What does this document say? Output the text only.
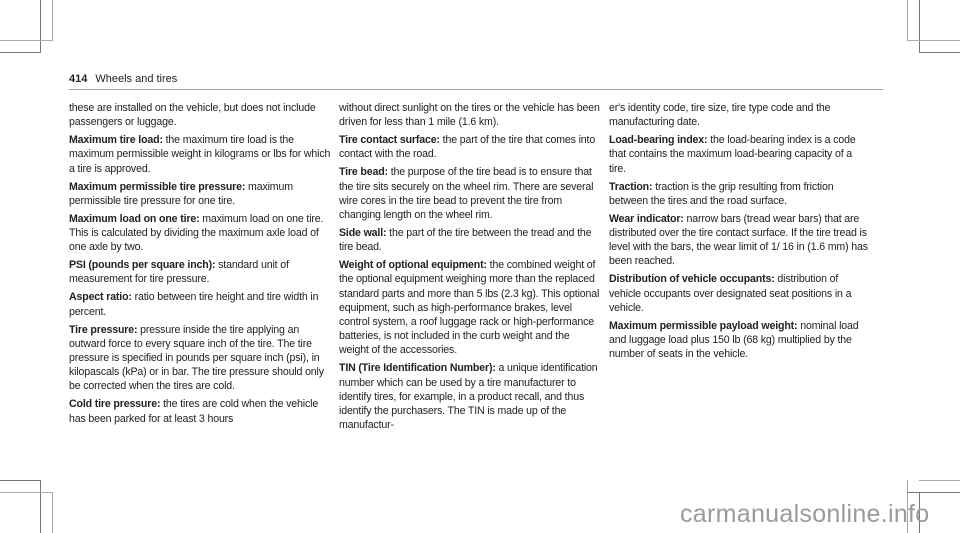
414 Wheels and tires

these are installed on the vehicle, but does not include passengers or luggage.

Maximum tire load: the maximum tire load is the maximum permissible weight in kilograms or lbs for which a tire is approved.

Maximum permissible tire pressure: maximum permissible tire pressure for one tire.

Maximum load on one tire: maximum load on one tire. This is calculated by dividing the maximum axle load of one axle by two.

PSI (pounds per square inch): standard unit of measurement for tire pressure.

Aspect ratio: ratio between tire height and tire width in percent.

Tire pressure: pressure inside the tire applying an outward force to every square inch of the tire. The tire pressure is specified in pounds per square inch (psi), in kilopascals (kPa) or in bar. The tire pressure should only be corrected when the tires are cold.

Cold tire pressure: the tires are cold when the vehicle has been parked for at least 3 hours

without direct sunlight on the tires or the vehicle has been driven for less than 1 mile (1.6 km).

Tire contact surface: the part of the tire that comes into contact with the road.

Tire bead: the purpose of the tire bead is to ensure that the tire sits securely on the wheel rim. There are several wire cores in the tire bead to prevent the tire from changing length on the wheel rim.

Side wall: the part of the tire between the tread and the tire bead.

Weight of optional equipment: the combined weight of the optional equipment weighing more than the replaced standard parts and more than 5 lbs (2.3 kg). This optional equipment, such as high-performance brakes, level control system, a roof luggage rack or high-performance batteries, is not included in the curb weight and the weight of the accessories.

TIN (Tire Identification Number): a unique identification number which can be used by a tire manufacturer to identify tires, for example, in a product recall, and thus identify the purchasers. The TIN is made up of the manufactur-

er's identity code, tire size, tire type code and the manufacturing date.

Load-bearing index: the load-bearing index is a code that contains the maximum load-bearing capacity of a tire.

Traction: traction is the grip resulting from friction between the tires and the road surface.

Wear indicator: narrow bars (tread wear bars) that are distributed over the tire contact surface. If the tire tread is level with the bars, the wear limit of 1/ 16 in (1.6 mm) has been reached.

Distribution of vehicle occupants: distribution of vehicle occupants over designated seat positions in a vehicle.

Maximum permissible payload weight: nominal load and luggage load plus 150 lb (68 kg) multiplied by the number of seats in the vehicle.

carmanualsonline.info
